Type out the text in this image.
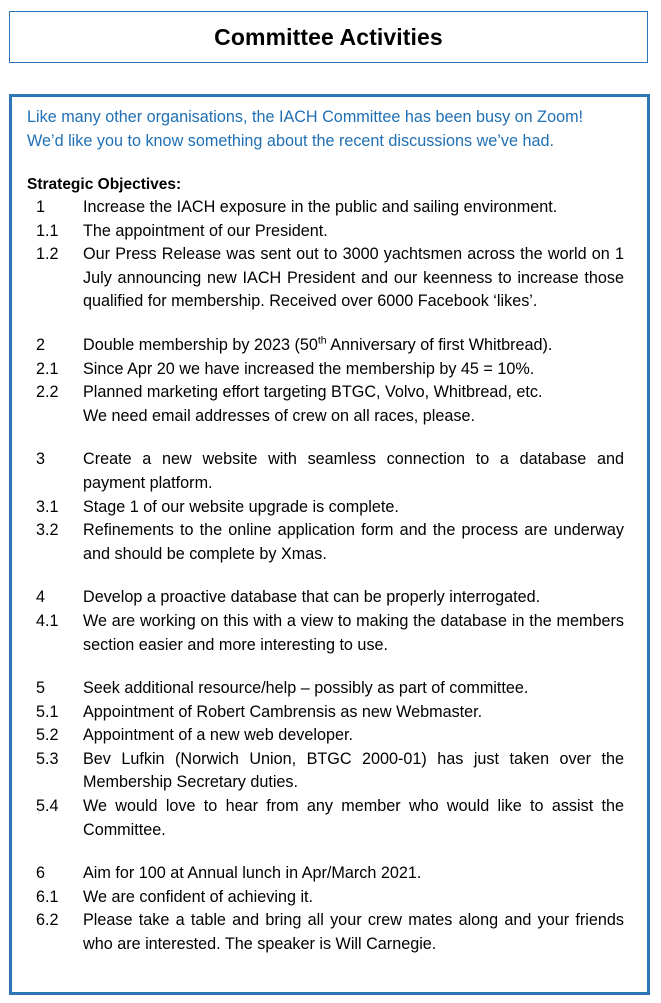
Committee Activities
Like many other organisations, the IACH Committee has been busy on Zoom!
We’d like you to know something about the recent discussions we’ve had.
Strategic Objectives:
1 Increase the IACH exposure in the public and sailing environment.
1.1 The appointment of our President.
1.2 Our Press Release was sent out to 3000 yachtsmen across the world on 1 July announcing new IACH President and our keenness to increase those qualified for membership. Received over 6000 Facebook ‘likes’.
2 Double membership by 2023 (50th Anniversary of first Whitbread).
2.1 Since Apr 20 we have increased the membership by 45 = 10%.
2.2 Planned marketing effort targeting BTGC, Volvo, Whitbread, etc.
We need email addresses of crew on all races, please.
3 Create a new website with seamless connection to a database and payment platform.
3.1 Stage 1 of our website upgrade is complete.
3.2 Refinements to the online application form and the process are underway and should be complete by Xmas.
4 Develop a proactive database that can be properly interrogated.
4.1 We are working on this with a view to making the database in the members section easier and more interesting to use.
5 Seek additional resource/help – possibly as part of committee.
5.1 Appointment of Robert Cambrensis as new Webmaster.
5.2 Appointment of a new web developer.
5.3 Bev Lufkin (Norwich Union, BTGC 2000-01) has just taken over the Membership Secretary duties.
5.4 We would love to hear from any member who would like to assist the Committee.
6 Aim for 100 at Annual lunch in Apr/March 2021.
6.1 We are confident of achieving it.
6.2 Please take a table and bring all your crew mates along and your friends who are interested. The speaker is Will Carnegie.
